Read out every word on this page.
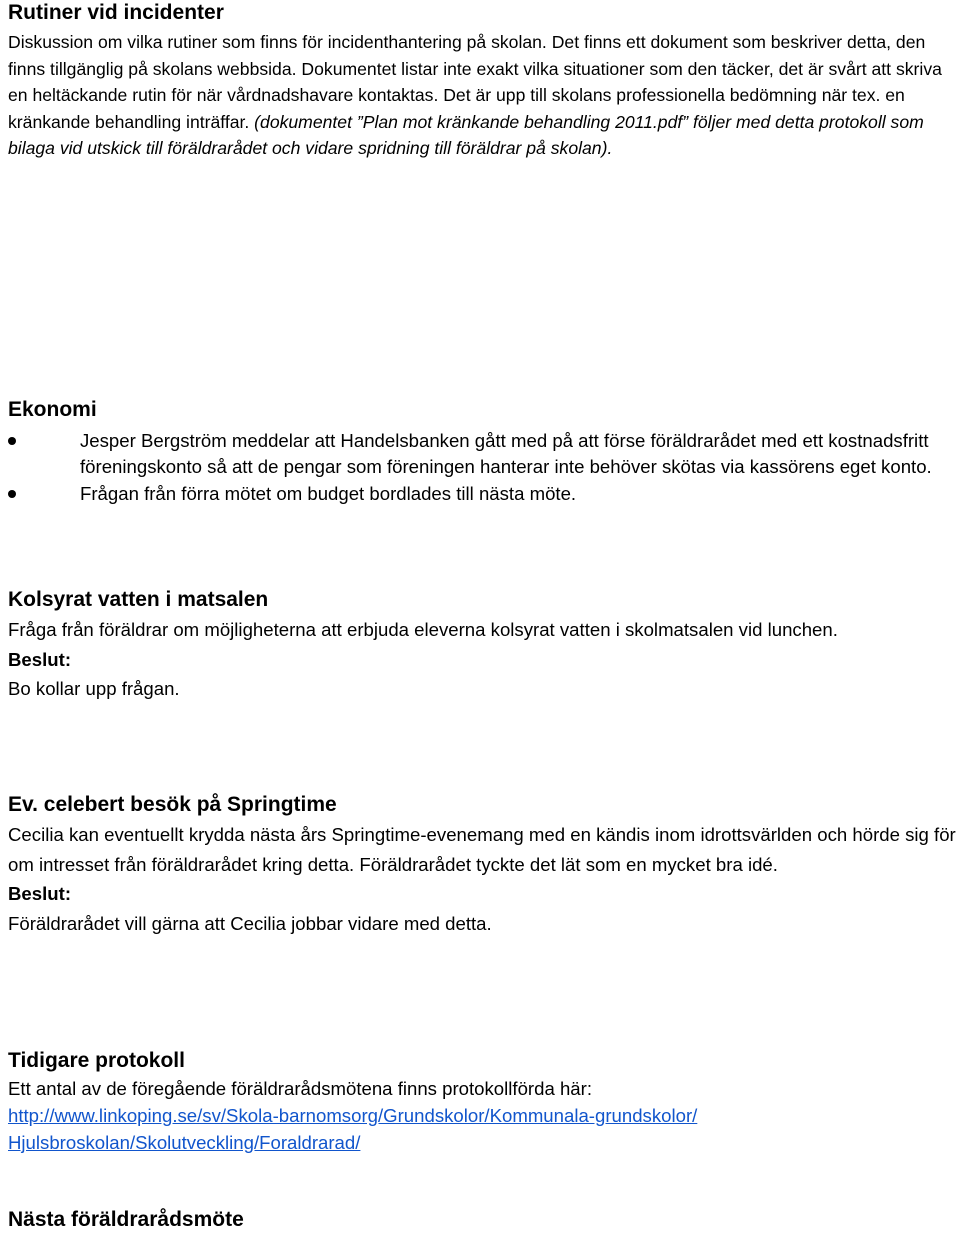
Rutiner vid incidenter

Diskussion om vilka rutiner som finns för incidenthantering på skolan. Det finns ett dokument som beskriver detta, den finns tillgänglig på skolans webbsida. Dokumentet listar inte exakt vilka situationer som den täcker, det är svårt att skriva en heltäckande rutin för när vårdnadshavare kontaktas. Det är upp till skolans professionella bedömning när tex. en kränkande behandling inträffar. (dokumentet ”Plan mot kränkande behandling 2011.pdf” följer med detta protokoll som bilaga vid utskick till föräldrarådet och vidare spridning till föräldrar på skolan).

Ekonomi
Jesper Bergström meddelar att Handelsbanken gått med på att förse föräldrarådet med ett kostnadsfritt föreningskonto så att de pengar som föreningen hanterar inte behöver skötas via kassörens eget konto.
Frågan från förra mötet om budget bordlades till nästa möte.
Kolsyrat vatten i matsalen

Fråga från föräldrar om möjligheterna att erbjuda eleverna kolsyrat vatten i skolmatsalen vid lunchen.

Beslut:

Bo kollar upp frågan.

Ev. celebert besök på Springtime

Cecilia kan eventuellt krydda nästa års Springtime-evenemang med en kändis inom idrottsvärlden och hörde sig för om intresset från föräldrarådet kring detta. Föräldrarådet tyckte det lät som en mycket bra idé.

Beslut:

Föräldrarådet vill gärna att Cecilia jobbar vidare med detta.

Tidigare protokoll

Ett antal av de föregående föräldrarådsmötena finns protokollförda här:

http://www.linkoping.se/sv/Skola-barnomsorg/Grundskolor/Kommunala-grundskolor/
Hjulsbroskolan/Skolutveckling/Foraldrarad/
Nästa föräldrarådsmöte
